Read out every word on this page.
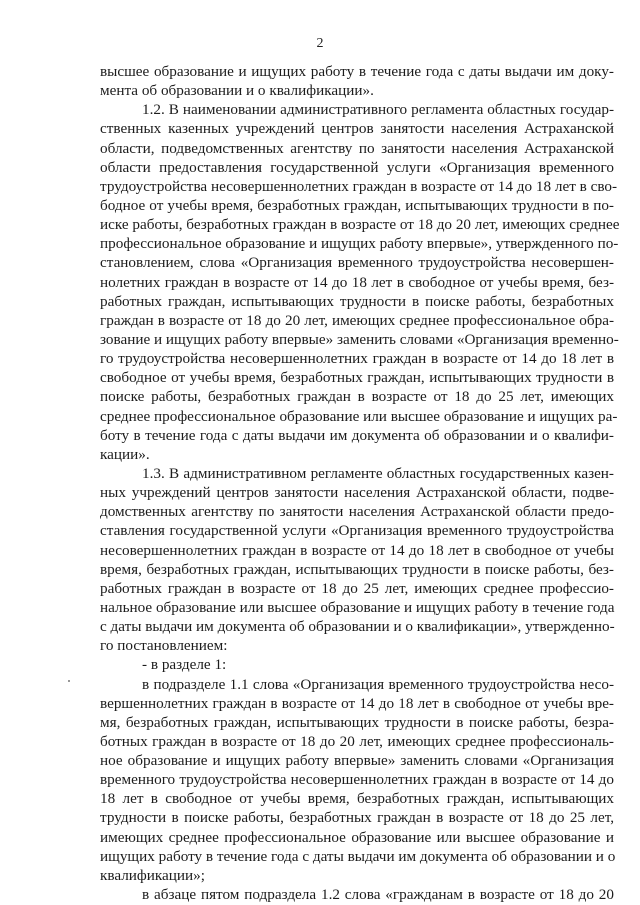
2
высшее образование и ищущих работу в течение года с даты выдачи им доку-
мента об образовании и о квалификации».
1.2. В наименовании административного регламента областных государ-
ственных казенных учреждений центров занятости населения Астраханской
области, подведомственных агентству по занятости населения Астраханской
области предоставления государственной услуги «Организация временного
трудоустройства несовершеннолетних граждан в возрасте от 14 до 18 лет в сво-
бодное от учебы время, безработных граждан, испытывающих трудности в по-
иске работы, безработных граждан в возрасте от 18 до 20 лет, имеющих среднее
профессиональное образование и ищущих работу впервые», утвержденного по-
становлением, слова «Организация временного трудоустройства несовершен-
нолетних граждан в возрасте от 14 до 18 лет в свободное от учебы время, без-
работных граждан, испытывающих трудности в поиске работы, безработных
граждан в возрасте от 18 до 20 лет, имеющих среднее профессиональное обра-
зование и ищущих работу впервые» заменить словами «Организация временно-
го трудоустройства несовершеннолетних граждан в возрасте от 14 до 18 лет в
свободное от учебы время, безработных граждан, испытывающих трудности в
поиске работы, безработных граждан в возрасте от 18 до 25 лет, имеющих
среднее профессиональное образование или высшее образование и ищущих ра-
боту в течение года с даты выдачи им документа об образовании и о квалифи-
кации».
1.3. В административном регламенте областных государственных казен-
ных учреждений центров занятости населения Астраханской области, подве-
домственных агентству по занятости населения Астраханской области предо-
ставления государственной услуги «Организация временного трудоустройства
несовершеннолетних граждан в возрасте от 14 до 18 лет в свободное от учебы
время, безработных граждан, испытывающих трудности в поиске работы, без-
работных граждан в возрасте от 18 до 25 лет, имеющих среднее профессио-
нальное образование или высшее образование и ищущих работу в течение года
с даты выдачи им документа об образовании и о квалификации», утвержденно-
го постановлением:
- в разделе 1:
в подразделе 1.1 слова «Организация временного трудоустройства несо-
вершеннолетних граждан в возрасте от 14 до 18 лет в свободное от учебы вре-
мя, безработных граждан, испытывающих трудности в поиске работы, безра-
ботных граждан в возрасте от 18 до 20 лет, имеющих среднее профессиональ-
ное образование и ищущих работу впервые» заменить словами «Организация
временного трудоустройства несовершеннолетних граждан в возрасте от 14 до
18 лет в свободное от учебы время, безработных граждан, испытывающих
трудности в поиске работы, безработных граждан в возрасте от 18 до 25 лет,
имеющих среднее профессиональное образование или высшее образование и
ищущих работу в течение года с даты выдачи им документа об образовании и о
квалификации»;
в абзаце пятом подраздела 1.2 слова «гражданам в возрасте от 18 до 20
